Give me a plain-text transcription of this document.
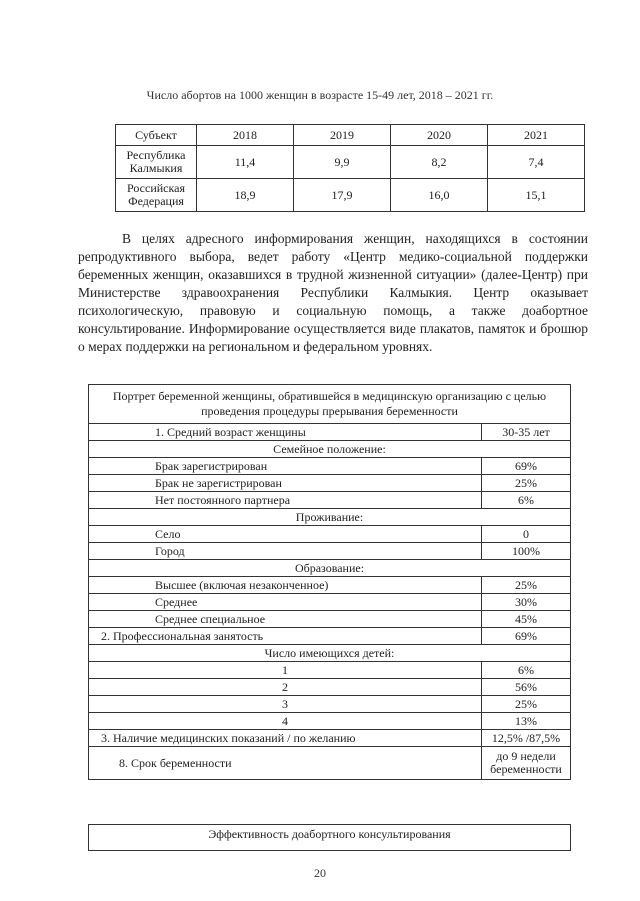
Число абортов на 1000 женщин в возрасте 15-49 лет, 2018 – 2021 гг.
Субъект	2018	2019	2020	2021
Республика Калмыкия	11,4	9,9	8,2	7,4
Российская Федерация	18,9	17,9	16,0	15,1

В целях адресного информирования женщин, находящихся в состоянии репродуктивного выбора, ведет работу «Центр медико-социальной поддержки беременных женщин, оказавшихся в трудной жизненной ситуации» (далее-Центр) при Министерстве здравоохранения Республики Калмыкия. Центр оказывает психологическую, правовую и социальную помощь, а также доабортное консультирование. Информирование осуществляется виде плакатов, памяток и брошюр о мерах поддержки на региональном и федеральном уровнях.

Портрет беременной женщины, обратившейся в медицинскую организацию с целью проведения процедуры прерывания беременности	
1. Средний возраст женщины	30-35 лет
Семейное положение:	
Брак зарегистрирован	69%
Брак не зарегистрирован	25%
Нет постоянного партнера	6%
Проживание:	
Село	0
Город	100%
Образование:	
Высшее (включая незаконченное)	25%
Среднее	30%
Среднее специальное	45%
2. Профессиональная занятость	69%
Число имеющихся детей:	
1	6%
2	56%
3	25%
4	13%
3. Наличие медицинских показаний / по желанию	12,5% /87,5%
8. Срок беременности	до 9 недели беременности
Эффективность доабортного консультирования
20
